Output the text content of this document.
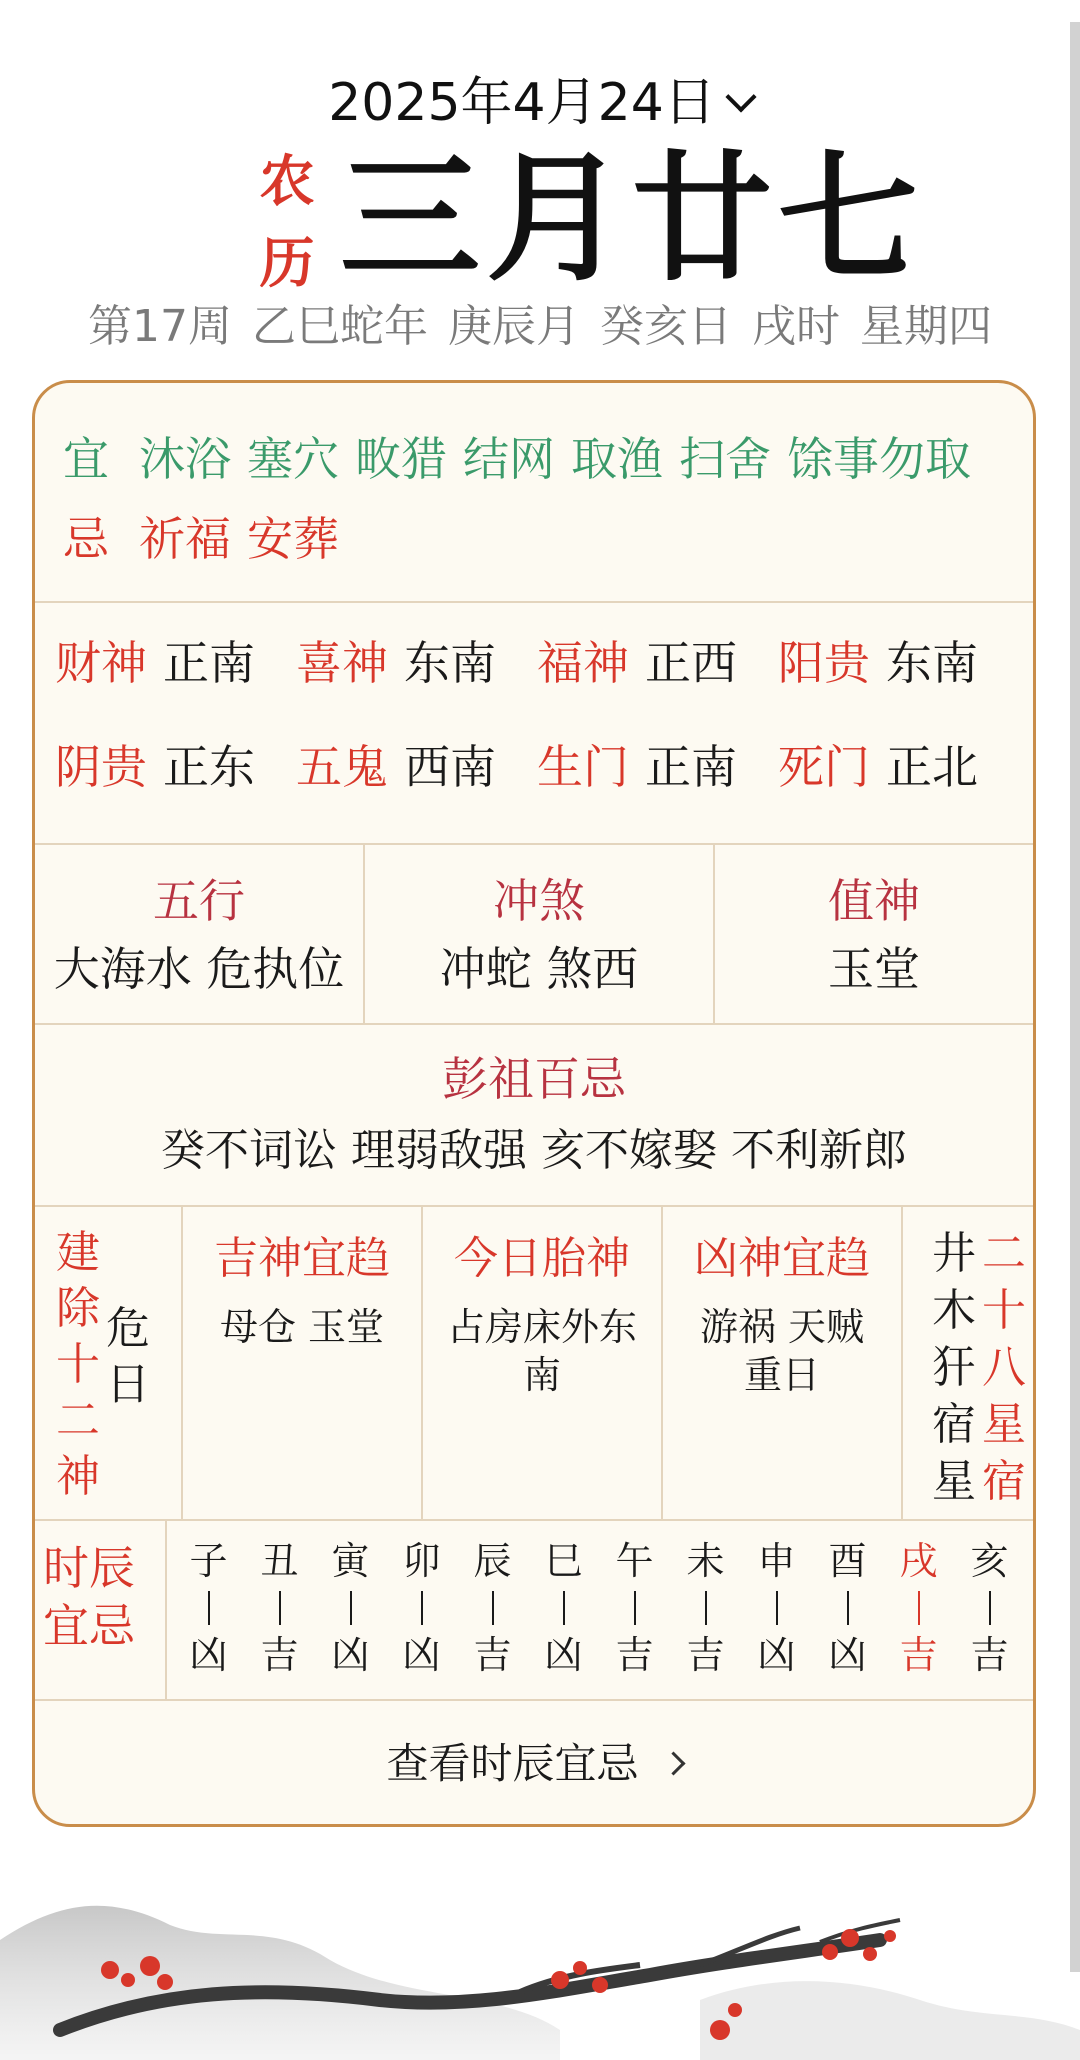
2025年4月24日
农
历 三月廿七
第17周 乙巳蛇年 庚辰月 癸亥日 戌时 星期四
宜 沐浴 塞穴 畋猎 结网 取渔 扫舍 馀事勿取
忌 祈福 安葬
财神 正南 喜神 东南 福神 正西 阳贵 东南
阴贵 正东 五鬼 西南 生门 正南 死门 正北
五行
大海水 危执位
冲煞
冲蛇 煞西
值神
玉堂
彭祖百忌
癸不词讼 理弱敌强 亥不嫁娶 不利新郎
建
除
十
二
神
危
日
吉神宜趋
母仓 玉堂
今日胎神
占房床外东南
凶神宜趋
游祸 天贼 重日
井
木
犴
宿
星
二
十
八
星
宿
时辰
宜忌
子
凶
丑
吉
寅
凶
卯
凶
辰
吉
巳
凶
午
吉
未
吉
申
凶
酉
凶
戌
吉
亥
吉
查看时辰宜忌
